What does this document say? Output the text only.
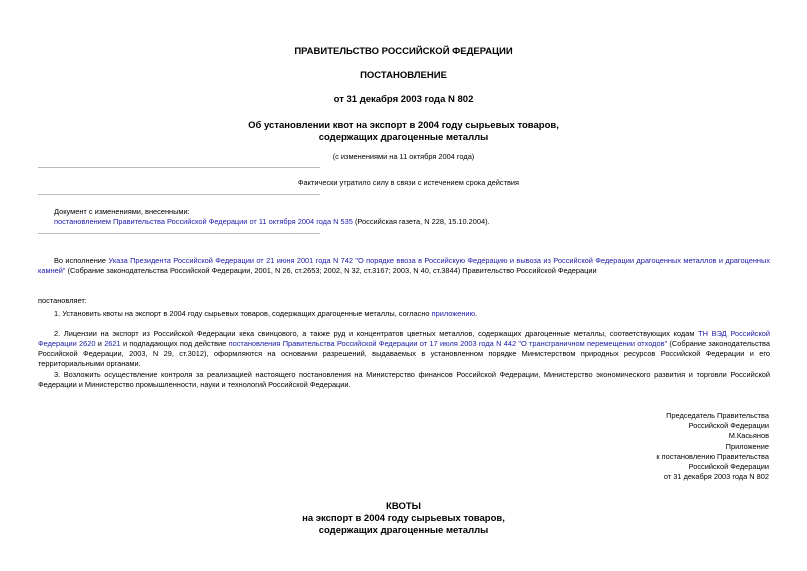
ПРАВИТЕЛЬСТВО РОССИЙСКОЙ ФЕДЕРАЦИИ
ПОСТАНОВЛЕНИЕ
от 31 декабря 2003 года N 802
Об установлении квот на экспорт в 2004 году сырьевых товаров,
содержащих драгоценные металлы
(с изменениями на 11 октября 2004 года)
Фактически утратило силу в связи с истечением срока действия
Документ с изменениями, внесенными:
постановлением Правительства Российской Федерации от 11 октября 2004 года N 535 (Российская газета, N 228, 15.10.2004).
Во исполнение Указа Президента Российской Федерации от 21 июня 2001 года N 742 "О порядке ввоза в Российскую Федерацию и вывоза из Российской Федерации драгоценных металлов и драгоценных камней" (Собрание законодательства Российской Федерации, 2001, N 26, ст.2653; 2002, N 32, ст.3167; 2003, N 40, ст.3844) Правительство Российской Федерации
постановляет:
1. Установить квоты на экспорт в 2004 году сырьевых товаров, содержащих драгоценные металлы, согласно приложению.
2. Лицензии на экспорт из Российской Федерации кека свинцового, а также руд и концентратов цветных металлов, содержащих драгоценные металлы, соответствующих кодам ТН ВЭД Российской Федерации 2620 и 2621 и подпадающих под действие постановления Правительства Российской Федерации от 17 июля 2003 года N 442 "О трансграничном перемещении отходов" (Собрание законодательства Российской Федерации, 2003, N 29, ст.3012), оформляются на основании разрешений, выдаваемых в установленном порядке Министерством природных ресурсов Российской Федерации и его территориальными органами.
3. Возложить осуществление контроля за реализацией настоящего постановления на Министерство финансов Российской Федерации, Министерство экономического развития и торговли Российской Федерации и Министерство промышленности, науки и технологий Российской Федерации.
Председатель Правительства
Российской Федерации
М.Касьянов
Приложение
к постановлению Правительства
Российской Федерации
от 31 декабря 2003 года N 802
КВОТЫ
на экспорт в 2004 году сырьевых товаров,
содержащих драгоценные металлы
